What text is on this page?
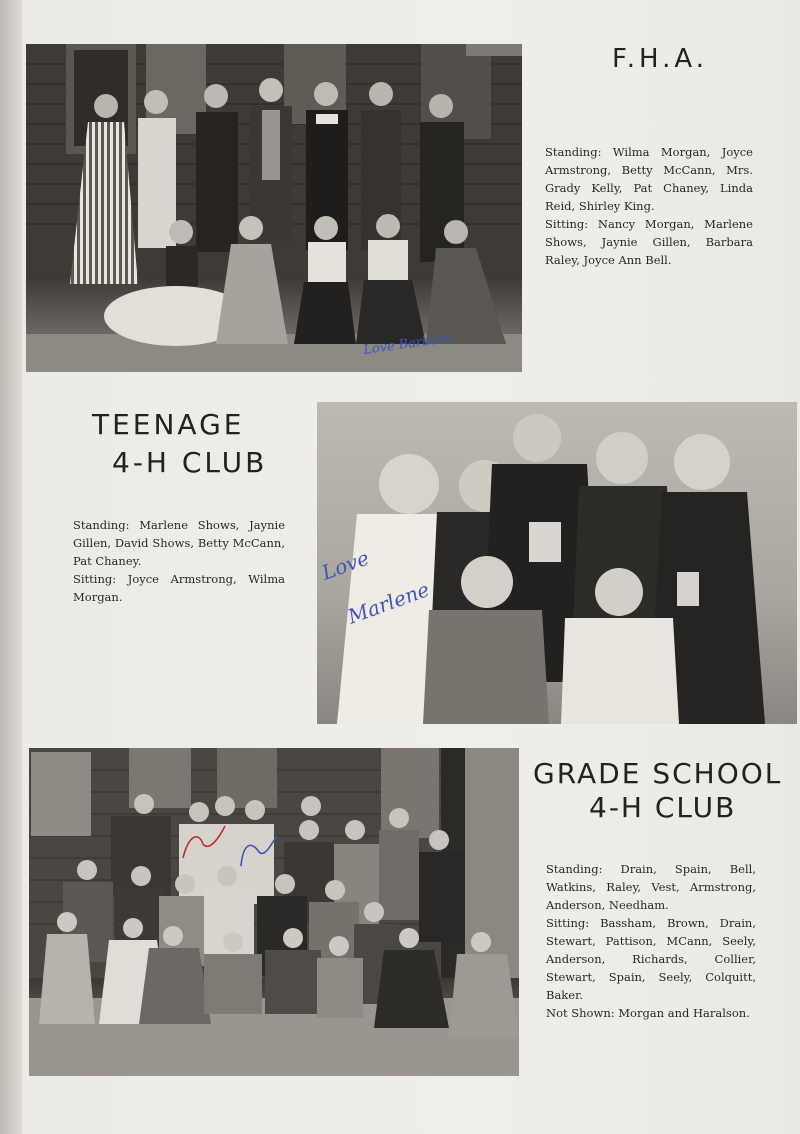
Love Barbara
F.H.A.

Standing: Wilma Morgan, Joyce Armstrong, Betty McCann, Mrs. Grady Kelly, Pat Chaney, Linda Reid, Shirley King.

Sitting: Nancy Morgan, Marlene Shows, Jaynie Gillen, Barbara Raley, Joyce Ann Bell.

TEENAGE
4-H CLUB

Standing: Marlene Shows, Jaynie Gillen, David Shows, Betty McCann, Pat Chaney.

Sitting: Joyce Armstrong, Wilma Morgan.

Love
Marlene
GRADE SCHOOL
4-H CLUB

Standing: Drain, Spain, Bell, Watkins, Raley, Vest, Armstrong, Anderson, Needham.

Sitting: Bassham, Brown, Drain, Stewart, Pattison, MCann, Seely, Anderson, Richards, Collier, Stewart, Spain, Seely, Colquitt, Baker.

Not Shown: Morgan and Haralson.
